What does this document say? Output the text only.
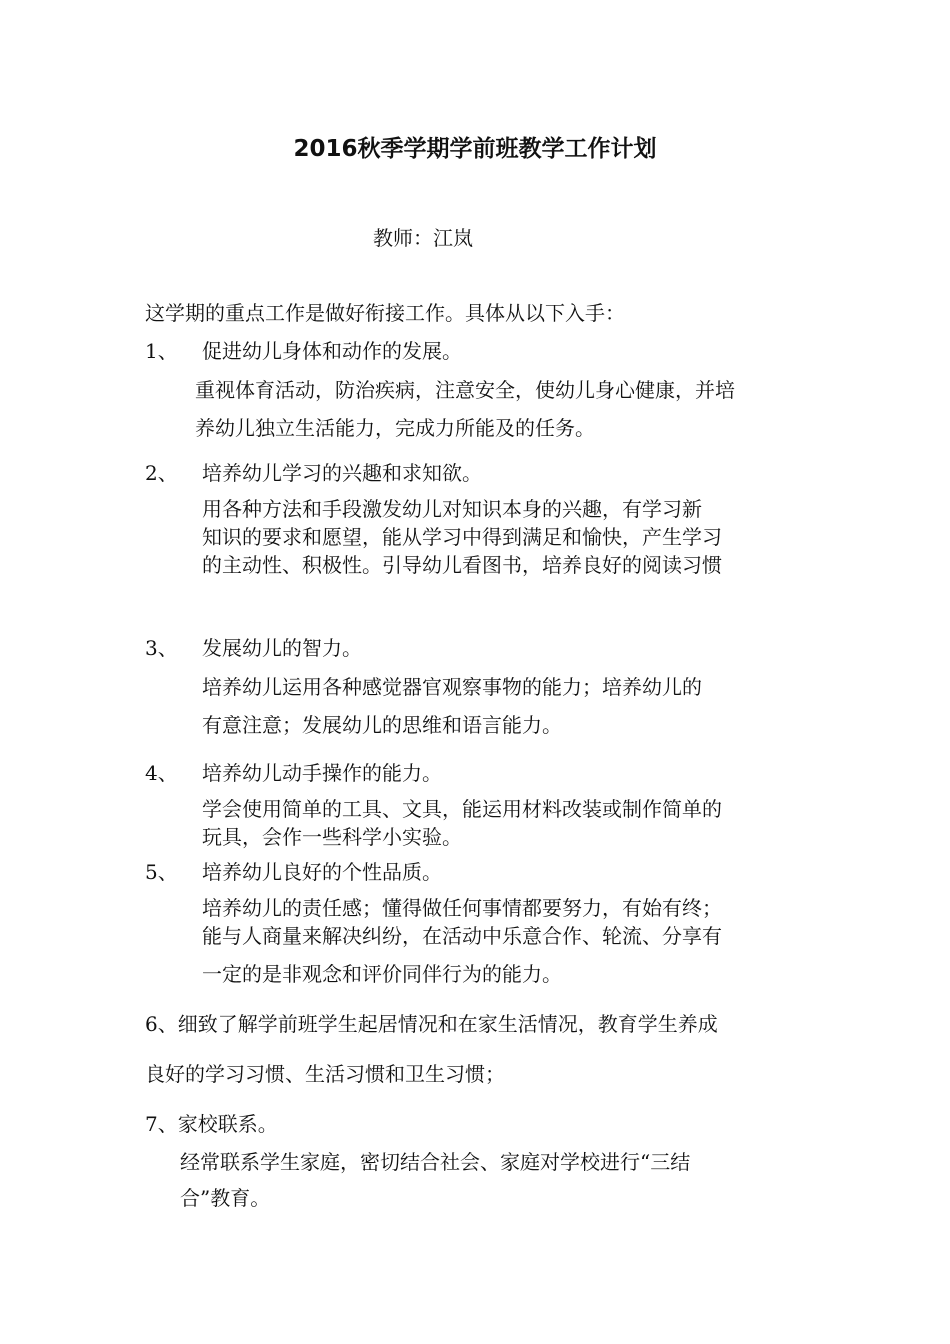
2016秋季学期学前班教学工作计划
教师：江岚
这学期的重点工作是做好衔接工作。具体从以下入手：
1、 促进幼儿身体和动作的发展。
重视体育活动，防治疾病，注意安全，使幼儿身心健康，并培
养幼儿独立生活能力，完成力所能及的任务。
2、 培养幼儿学习的兴趣和求知欲。
用各种方法和手段激发幼儿对知识本身的兴趣，有学习新
知识的要求和愿望，能从学习中得到满足和愉快，产生学习
的主动性、积极性。引导幼儿看图书，培养良好的阅读习惯
3、 发展幼儿的智力。
培养幼儿运用各种感觉器官观察事物的能力；培养幼儿的
有意注意；发展幼儿的思维和语言能力。
4、 培养幼儿动手操作的能力。
学会使用简单的工具、文具，能运用材料改装或制作简单的
玩具，会作一些科学小实验。
5、 培养幼儿良好的个性品质。
培养幼儿的责任感；懂得做任何事情都要努力，有始有终；
能与人商量来解决纠纷，在活动中乐意合作、轮流、分享有
一定的是非观念和评价同伴行为的能力。
6、细致了解学前班学生起居情况和在家生活情况，教育学生养成
良好的学习习惯、生活习惯和卫生习惯；
7、家校联系。
经常联系学生家庭，密切结合社会、家庭对学校进行“三结
合”教育。
